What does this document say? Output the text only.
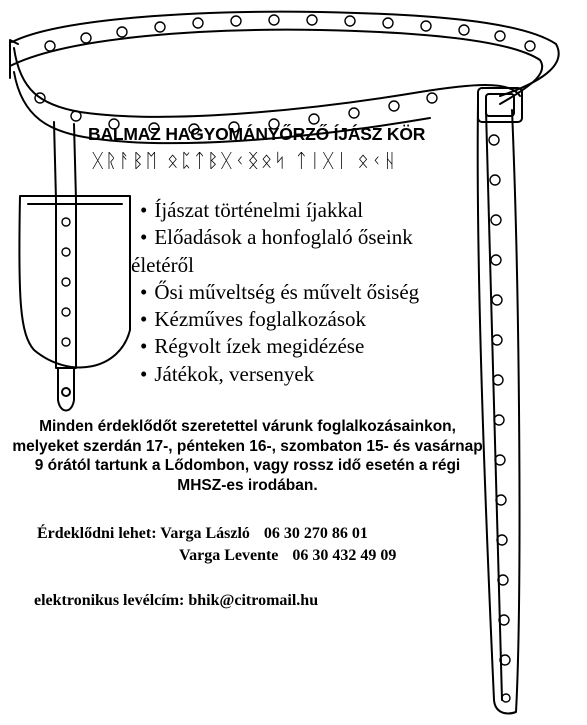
BALMAZ HAGYOMÁNYŐRZŐ ÍJÁSZ KÖR
ᚷᚱᚨᛒᛖ ᛟᛈᛏᛒᚷᚲᛝᛟᛋ ᛏᛁᚷᛁ ᛟᚲᚺ
• Íjászat történelmi íjakkal
• Előadások a honfoglaló őseink
életéről
• Ősi műveltség és művelt ősiség
• Kézműves foglalkozások
• Régvolt ízek megidézése
• Játékok, versenyek
Minden érdeklődőt szeretettel várunk foglalkozásainkon, melyeket szerdán 17-, pénteken 16-, szombaton 15- és vasárnap 9 órától tartunk a Lődombon, vagy rossz idő esetén a régi MHSZ-es irodában.
Érdeklődni lehet: Varga László 06 30 270 86 01
Varga Levente 06 30 432 49 09
elektronikus levélcím: bhik@citromail.hu
